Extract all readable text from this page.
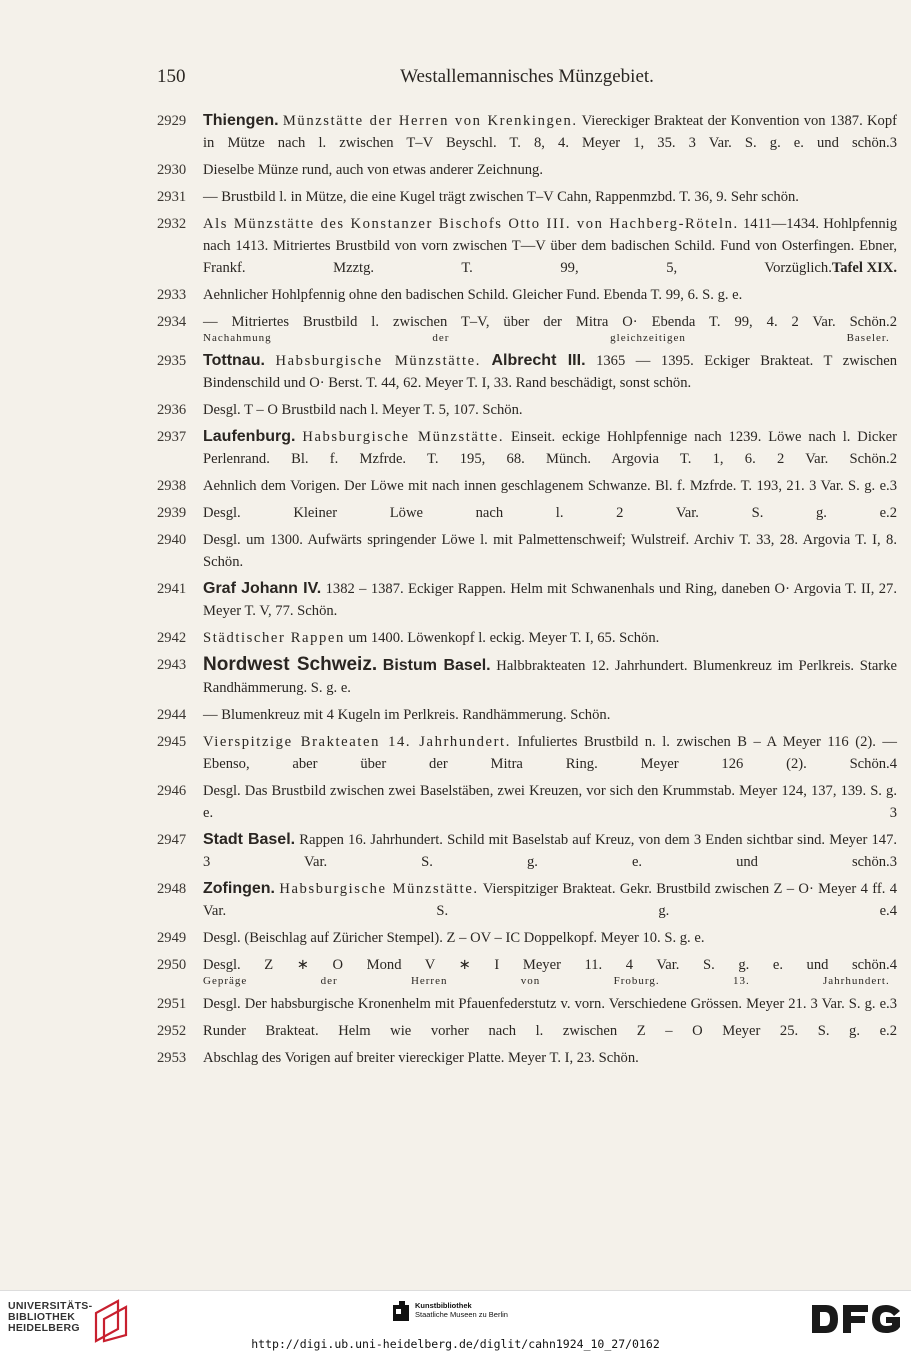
150	Westallemannisches Münzgebiet.
2929	Thiengen. Münzstätte der Herren von Krenkingen. Viereckiger Brakteat der Konvention von 1387. Kopf in Mütze nach l. zwischen T–V Beyschl. T. 8, 4. Meyer 1, 35. 3 Var. S. g. e. und schön. 3
2930	Dieselbe Münze rund, auch von etwas anderer Zeichnung.
2931	— Brustbild l. in Mütze, die eine Kugel trägt zwischen T–V Cahn, Rappenmzbd. T. 36, 9. Sehr schön.
2932	Als Münzstätte des Konstanzer Bischofs Otto III. von Hachberg-Röteln. 1411—1434. Hohlpfennig nach 1413. Mitriertes Brustbild von vorn zwischen T—V über dem badischen Schild. Fund von Osterfingen. Ebner, Frankf. Mzztg. T. 99, 5, Vorzüglich. Tafel XIX.
2933	Aehnlicher Hohlpfennig ohne den badischen Schild. Gleicher Fund. Ebenda T. 99, 6. S. g. e.
2934	— Mitriertes Brustbild l. zwischen T–V, über der Mitra O· Ebenda T. 99, 4. 2 Var. Schön. 2
Nachahmung der gleichzeitigen Baseler.
2935	Tottnau. Habsburgische Münzstätte. Albrecht III. 1365 — 1395. Eckiger Brakteat. T zwischen Bindenschild und O· Berst. T. 44, 62. Meyer T. I, 33. Rand beschädigt, sonst schön.
2936	Desgl. T – O Brustbild nach l. Meyer T. 5, 107. Schön.
2937	Laufenburg. Habsburgische Münzstätte. Einseit. eckige Hohlpfennige nach 1239. Löwe nach l. Dicker Perlenrand. Bl. f. Mzfrde. T. 195, 68. Münch. Argovia T. 1, 6. 2 Var. Schön. 2
2938	Aehnlich dem Vorigen. Der Löwe mit nach innen geschlagenem Schwanze. Bl. f. Mzfrde. T. 193, 21. 3 Var. S. g. e. 3
2939	Desgl. Kleiner Löwe nach l. 2 Var. S. g. e. 2
2940	Desgl. um 1300. Aufwärts springender Löwe l. mit Palmettenschweif; Wulstreif. Archiv T. 33, 28. Argovia T. I, 8. Schön.
2941	Graf Johann IV. 1382 – 1387. Eckiger Rappen. Helm mit Schwanenhals und Ring, daneben O· Argovia T. II, 27. Meyer T. V, 77. Schön.
2942	Städtischer Rappen um 1400. Löwenkopf l. eckig. Meyer T. I, 65. Schön.
2943 Nordwest Schweiz. Bistum Basel. Halbbrakteaten 12. Jahrhundert. Blumenkreuz im Perlkreis. Starke Randhämmerung. S. g. e.
2944	— Blumenkreuz mit 4 Kugeln im Perlkreis. Randhämmerung. Schön.
2945	Vierspitzige Brakteaten 14. Jahrhundert. Infuliertes Brustbild n. l. zwischen B – A Meyer 116 (2). — Ebenso, aber über der Mitra Ring. Meyer 126 (2). Schön. 4
2946	Desgl. Das Brustbild zwischen zwei Baselstäben, zwei Kreuzen, vor sich den Krummstab. Meyer 124, 137, 139. S. g. e.	3
2947	Stadt Basel. Rappen 16. Jahrhundert. Schild mit Baselstab auf Kreuz, von dem 3 Enden sichtbar sind. Meyer 147. 3 Var. S. g. e. und schön. 3
2948	Zofingen. Habsburgische Münzstätte. Vierspitziger Brakteat. Gekr. Brustbild zwischen Z – O· Meyer 4 ff. 4 Var. S. g. e. 4
2949	Desgl. (Beischlag auf Züricher Stempel). Z – OV – IC Doppelkopf. Meyer 10. S. g. e.
2950	Desgl. Z ∗ O Mond V ∗ I Meyer 11. 4 Var. S. g. e. und schön. 4
Gepräge der Herren von Froburg. 13. Jahrhundert.
2951	Desgl. Der habsburgische Kronenhelm mit Pfauenfederstutz v. vorn. Verschiedene Grössen. Meyer 21. 3 Var. S. g. e. 3
2952	Runder Brakteat. Helm wie vorher nach l. zwischen Z – O Meyer 25. S. g. e. 2
2953	Abschlag des Vorigen auf breiter viereckiger Platte. Meyer T. I, 23. Schön.
UNIVERSITÄTS-
BIBLIOTHEK
HEIDELBERG
Kunstbibliothek
Staatliche Museen zu Berlin
http://digi.ub.uni-heidelberg.de/diglit/cahn1924_10_27/0162
